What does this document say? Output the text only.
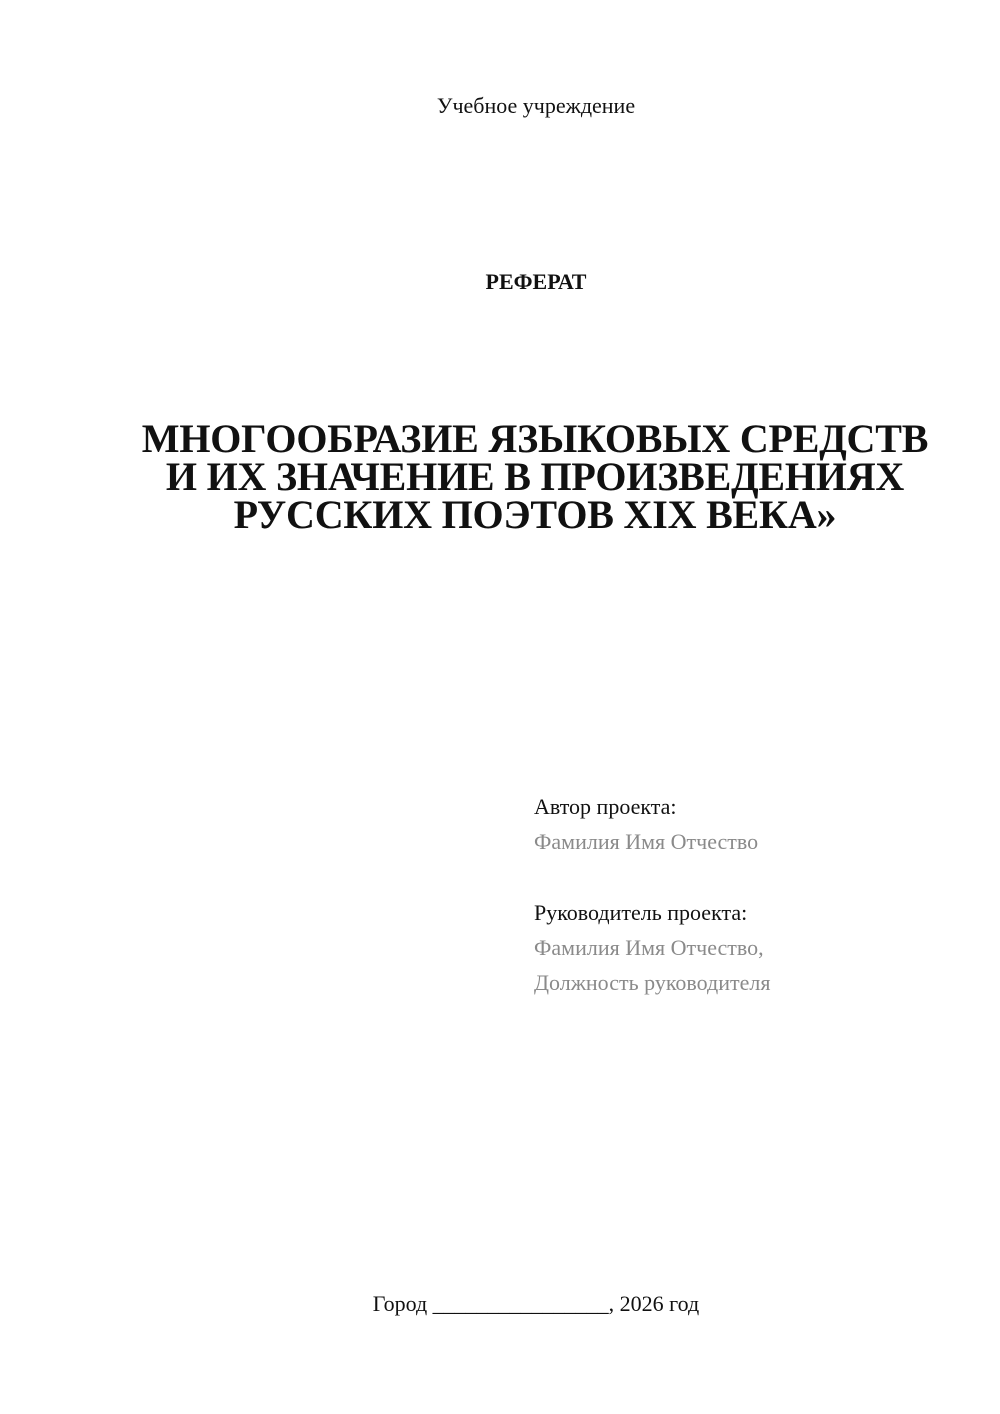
Учебное учреждение
РЕФЕРАТ
МНОГООБРАЗИЕ ЯЗЫКОВЫХ СРЕДСТВ
И ИХ ЗНАЧЕНИЕ В ПРОИЗВЕДЕНИЯХ
РУССКИХ ПОЭТОВ XIX ВЕКА»
Автор проекта:
Фамилия Имя Отчество
Руководитель проекта:
Фамилия Имя Отчество,
Должность руководителя
Город ________________, 2026 год
